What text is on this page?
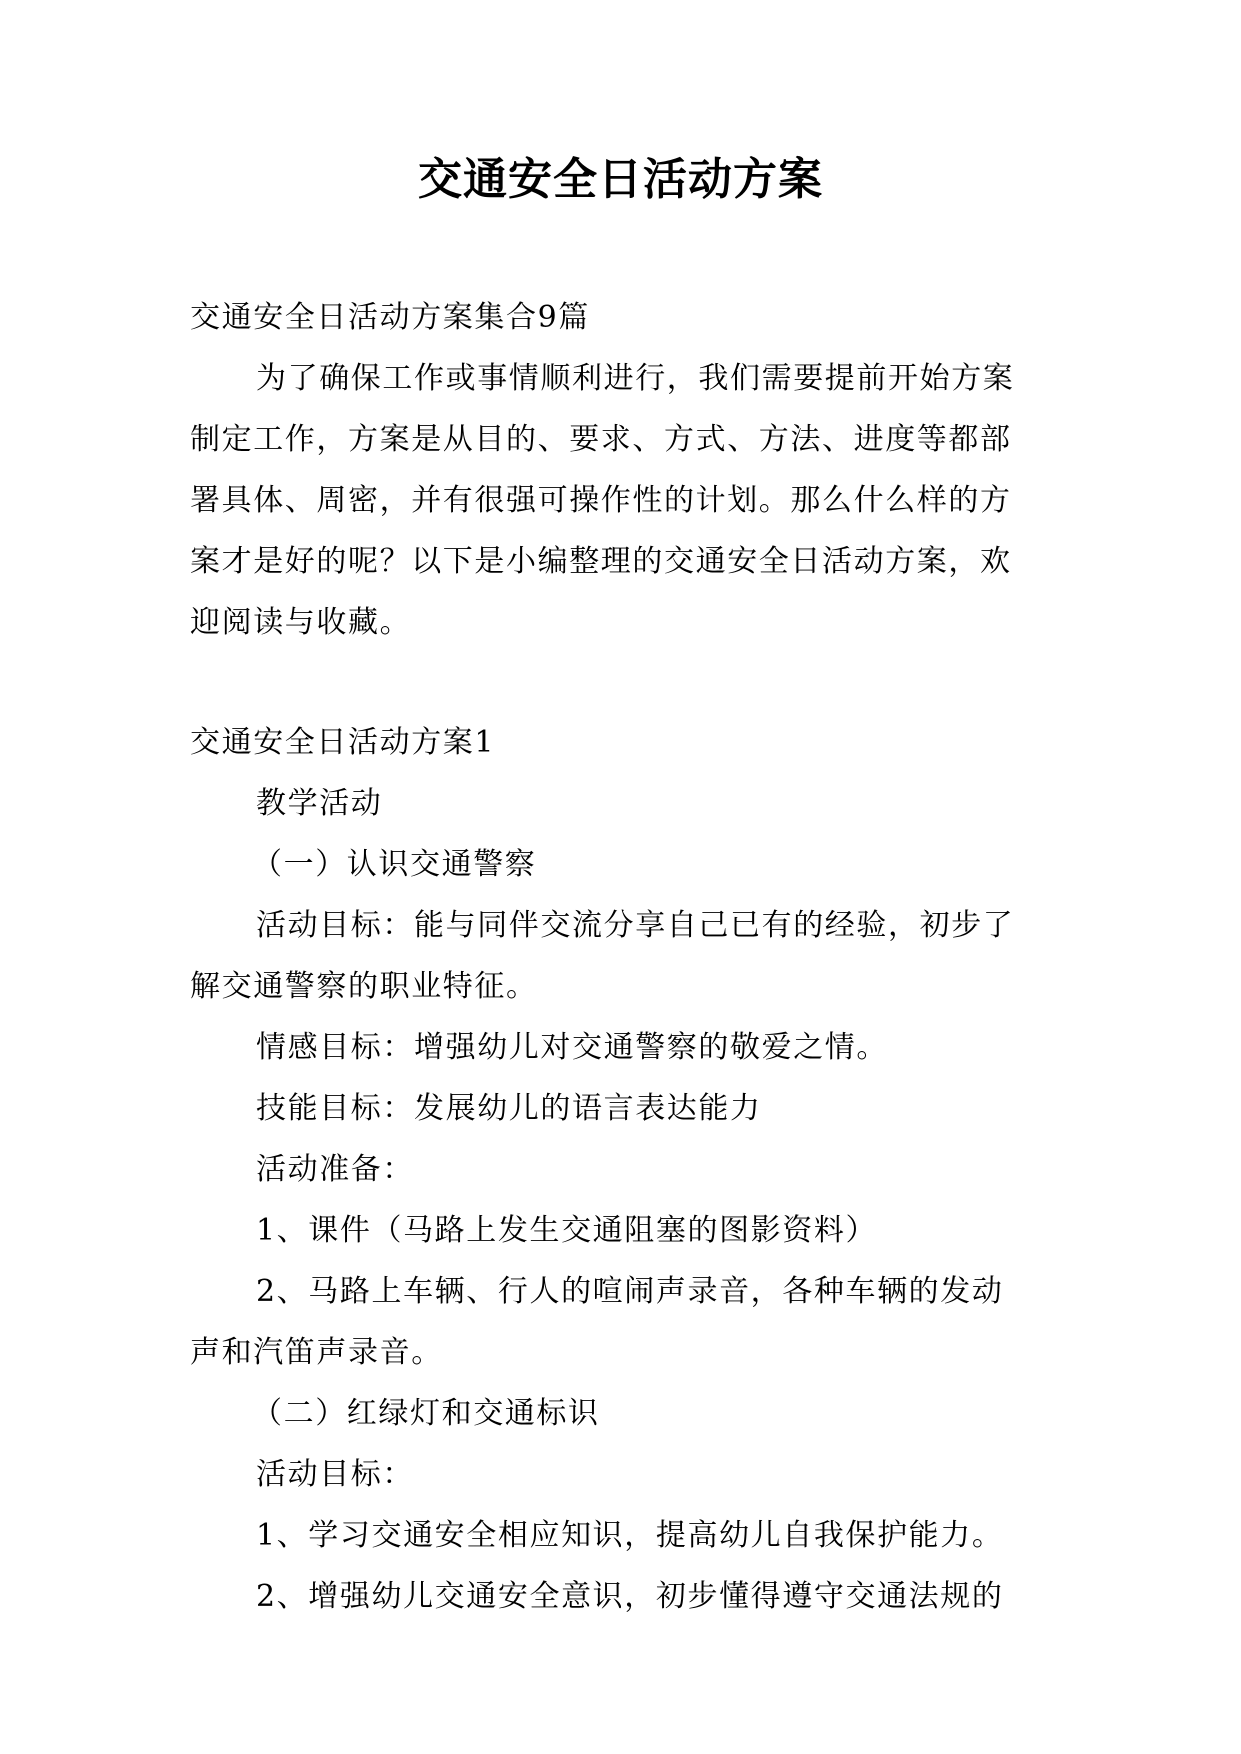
交通安全日活动方案

交通安全日活动方案集合9篇

为了确保工作或事情顺利进行，我们需要提前开始方案

制定工作，方案是从目的、要求、方式、方法、进度等都部

署具体、周密，并有很强可操作性的计划。那么什么样的方

案才是好的呢？以下是小编整理的交通安全日活动方案，欢

迎阅读与收藏。

交通安全日活动方案1

教学活动

（一）认识交通警察

活动目标：能与同伴交流分享自己已有的经验，初步了

解交通警察的职业特征。

情感目标：增强幼儿对交通警察的敬爱之情。

技能目标：发展幼儿的语言表达能力

活动准备：

1、课件（马路上发生交通阻塞的图影资料）

2、马路上车辆、行人的喧闹声录音，各种车辆的发动

声和汽笛声录音。

（二）红绿灯和交通标识

活动目标：

1、学习交通安全相应知识，提高幼儿自我保护能力。

2、增强幼儿交通安全意识，初步懂得遵守交通法规的
